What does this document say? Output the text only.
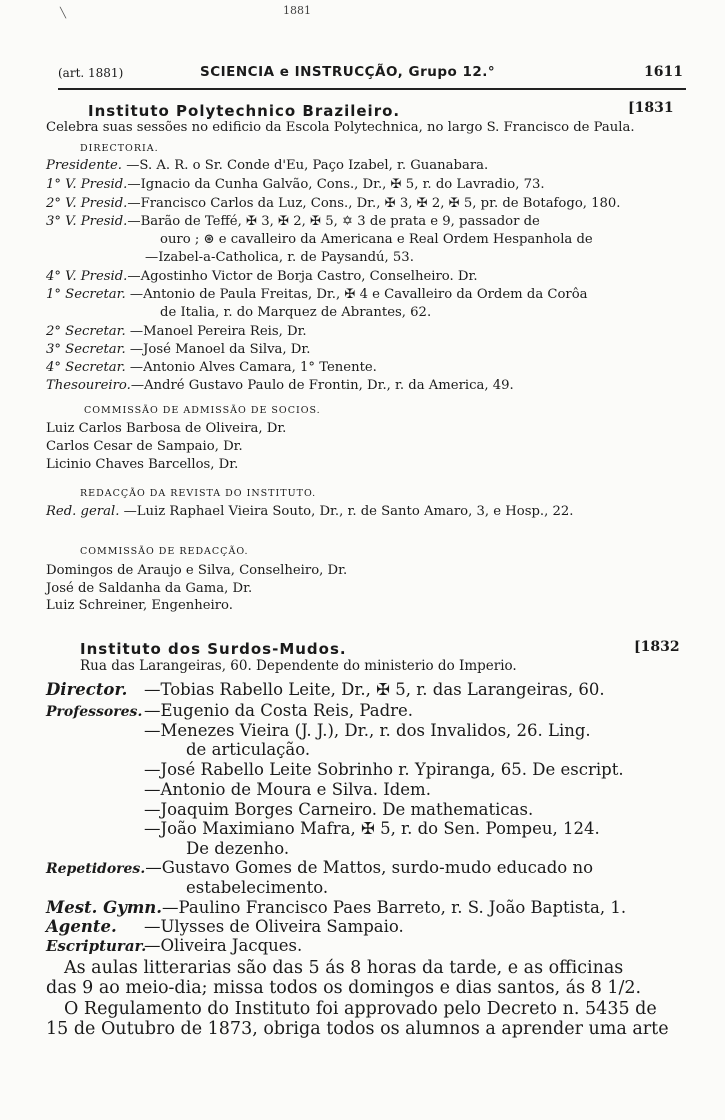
1881
╲
(art. 1881)	SCIENCIA e INSTRUCÇÃO, Grupo 12.°	1611
Instituto Polytechnico Brazileiro.	[1831
Celebra suas sessões no edificio da Escola Polytechnica, no largo S. Francisco de Paula.
DIRECTORIA.
Presidente. —S. A. R. o Sr. Conde d'Eu, Paço Izabel, r. Guanabara.
1° V. Presid.—Ignacio da Cunha Galvão, Cons., Dr., ✠ 5, r. do Lavradio, 73.
2° V. Presid.—Francisco Carlos da Luz, Cons., Dr., ✠ 3, ✠ 2, ✠ 5, pr. de Botafogo, 180.
3° V. Presid.—Barão de Teffé, ✠ 3, ✠ 2, ✠ 5, ✡ 3 de prata e 9, passador de
ouro ; ⊛ e cavalleiro da Americana e Real Ordem Hespanhola de
—Izabel-a-Catholica, r. de Paysandú, 53.
4° V. Presid.—Agostinho Victor de Borja Castro, Conselheiro. Dr.
1° Secretar. —Antonio de Paula Freitas, Dr., ✠ 4 e Cavalleiro da Ordem da Corôa
de Italia, r. do Marquez de Abrantes, 62.
2° Secretar. —Manoel Pereira Reis, Dr.
3° Secretar. —José Manoel da Silva, Dr.
4° Secretar. —Antonio Alves Camara, 1° Tenente.
Thesoureiro.—André Gustavo Paulo de Frontin, Dr., r. da America, 49.
COMMISSÃO DE ADMISSÃO DE SOCIOS.
Luiz Carlos Barbosa de Oliveira, Dr.
Carlos Cesar de Sampaio, Dr.
Licinio Chaves Barcellos, Dr.
REDACÇÃO DA REVISTA DO INSTITUTO.
Red. geral. —Luiz Raphael Vieira Souto, Dr., r. de Santo Amaro, 3, e Hosp., 22.
COMMISSÃO DE REDACÇÃO.
Domingos de Araujo e Silva, Conselheiro, Dr.
José de Saldanha da Gama, Dr.
Luiz Schreiner, Engenheiro.
Instituto dos Surdos-Mudos.	[1832
Rua das Larangeiras, 60. Dependente do ministerio do Imperio.
Director. —Tobias Rabello Leite, Dr., ✠ 5, r. das Larangeiras, 60.
Professores. —Eugenio da Costa Reis, Padre.
—Menezes Vieira (J. J.), Dr., r. dos Invalidos, 26. Ling.
de articulação.
—José Rabello Leite Sobrinho r. Ypiranga, 65. De escript.
—Antonio de Moura e Silva. Idem.
—Joaquim Borges Carneiro. De mathematicas.
—João Maximiano Mafra, ✠ 5, r. do Sen. Pompeu, 124.
De dezenho.
Repetidores.—Gustavo Gomes de Mattos, surdo-mudo educado no
estabelecimento.
Mest. Gymn.—Paulino Francisco Paes Barreto, r. S. João Baptista, 1.
Agente. —Ulysses de Oliveira Sampaio.
Escripturar.—Oliveira Jacques.
As aulas litterarias são das 5 ás 8 horas da tarde, e as officinas
das 9 ao meio-dia; missa todos os domingos e dias santos, ás 8 1/2.
O Regulamento do Instituto foi approvado pelo Decreto n. 5435 de
15 de Outubro de 1873, obriga todos os alumnos a aprender uma arte
